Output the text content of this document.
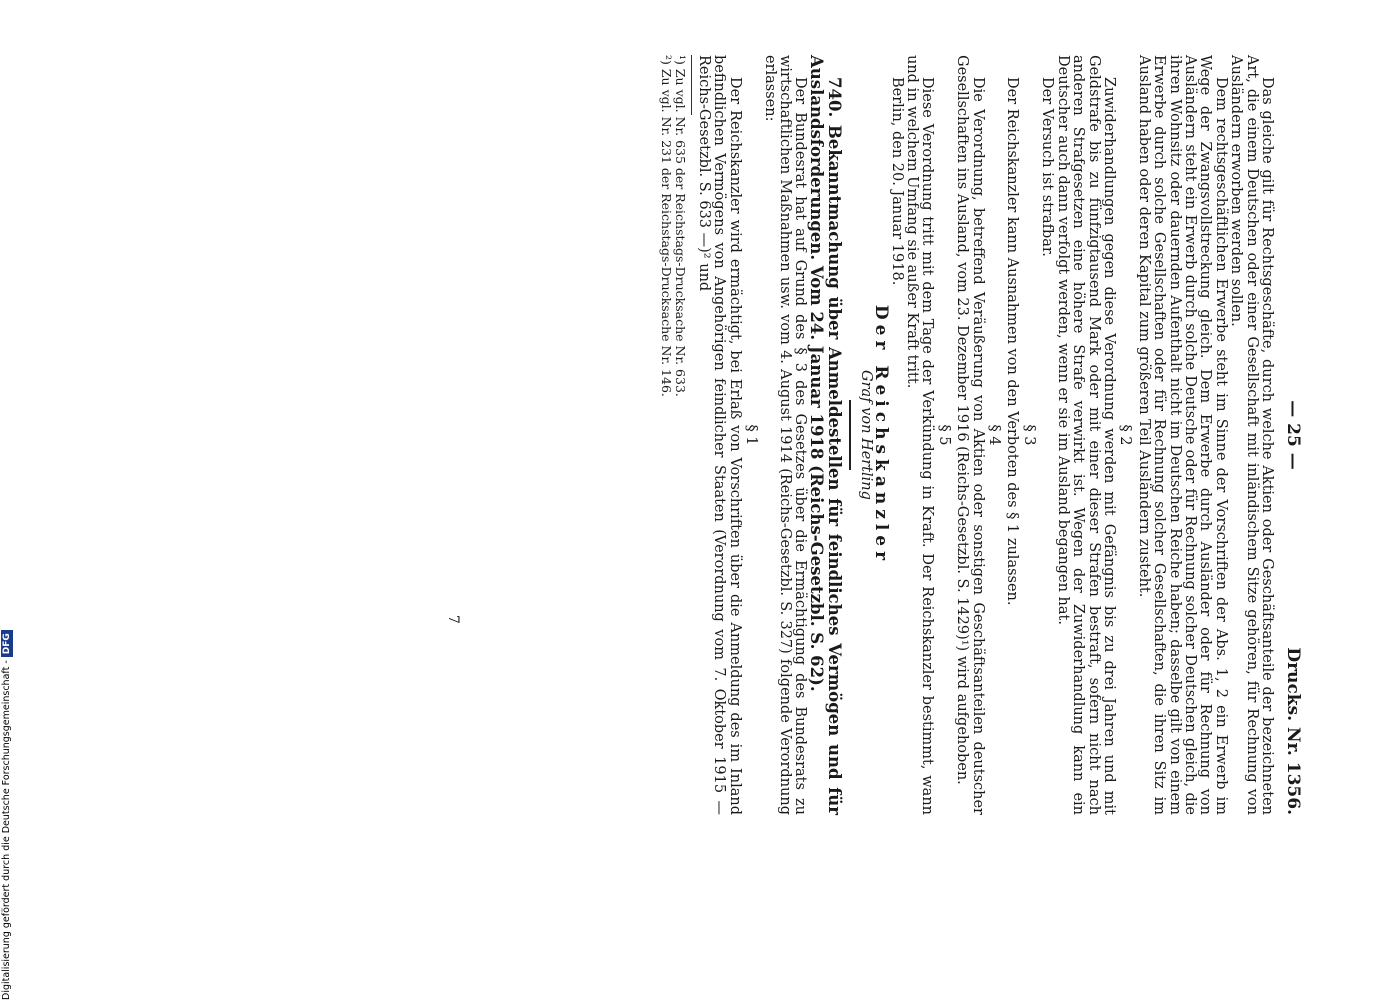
— 25 —
Drucks. Nr. 1356.

Das gleiche gilt für Rechtsgeschäfte, durch welche Aktien oder Geschäftsanteile der bezeichneten Art, die einem Deutschen oder einer Gesellschaft mit inländischem Sitze gehören, für Rechnung von Ausländern erworben werden sollen.

Dem rechtsgeschäftlichen Erwerbe steht im Sinne der Vorschriften der Abs. 1, 2 ein Erwerb im Wege der Zwangsvollstreckung gleich. Dem Erwerbe durch Ausländer oder für Rechnung von Ausländern steht ein Erwerb durch solche Deutsche oder für Rechnung solcher Deutschen gleich, die ihren Wohnsitz oder dauernden Aufenthalt nicht im Deutschen Reiche haben; dasselbe gilt von einem Erwerbe durch solche Gesellschaften oder für Rechnung solcher Gesellschaften, die ihren Sitz im Ausland haben oder deren Kapital zum größeren Teil Ausländern zusteht.

§ 2

Zuwiderhandlungen gegen diese Verordnung werden mit Gefängnis bis zu drei Jahren und mit Geldstrafe bis zu fünfzigtausend Mark oder mit einer dieser Strafen bestraft, sofern nicht nach anderen Strafgesetzen eine höhere Strafe verwirkt ist. Wegen der Zuwiderhandlung kann ein Deutscher auch dann verfolgt werden, wenn er sie im Ausland begangen hat.

Der Versuch ist strafbar.

§ 3

Der Reichskanzler kann Ausnahmen von den Verboten des § 1 zulassen.

§ 4

Die Verordnung, betreffend Veräußerung von Aktien oder sonstigen Geschäftsanteilen deutscher Gesellschaften ins Ausland, vom 23. Dezember 1916 (Reichs-Gesetzbl. S. 1429)¹) wird aufgehoben.

§ 5

Diese Verordnung tritt mit dem Tage der Verkündung in Kraft. Der Reichskanzler bestimmt, wann und in welchem Umfang sie außer Kraft tritt.

Berlin, den 20. Januar 1918.

Der Reichskanzler
Graf von Hertling

740. Bekanntmachung über Anmeldestellen für feindliches Vermögen und für Auslandsforderungen. Vom 24. Januar 1918 (Reichs-Gesetzbl. S. 62).

Der Bundesrat hat auf Grund des § 3 des Gesetzes über die Ermächtigung des Bundesrats zu wirtschaftlichen Maßnahmen usw. vom 4. August 1914 (Reichs-Gesetzbl. S. 327) folgende Verordnung erlassen:

§ 1

Der Reichskanzler wird ermächtigt, bei Erlaß von Vorschriften über die Anmeldung des im Inland befindlichen Vermögens von Angehörigen feindlicher Staaten (Verordnung vom 7. Oktober 1915 — Reichs-Gesetzbl. S. 633 —)² und

¹) Zu vgl. Nr. 635 der Reichstags-Drucksache Nr. 633.
²) Zu vgl. Nr. 231 der Reichstags-Drucksache Nr. 146.
7
Digitalisierung gefördert durch die Deutsche Forschungsgemeinschaft -DFG
